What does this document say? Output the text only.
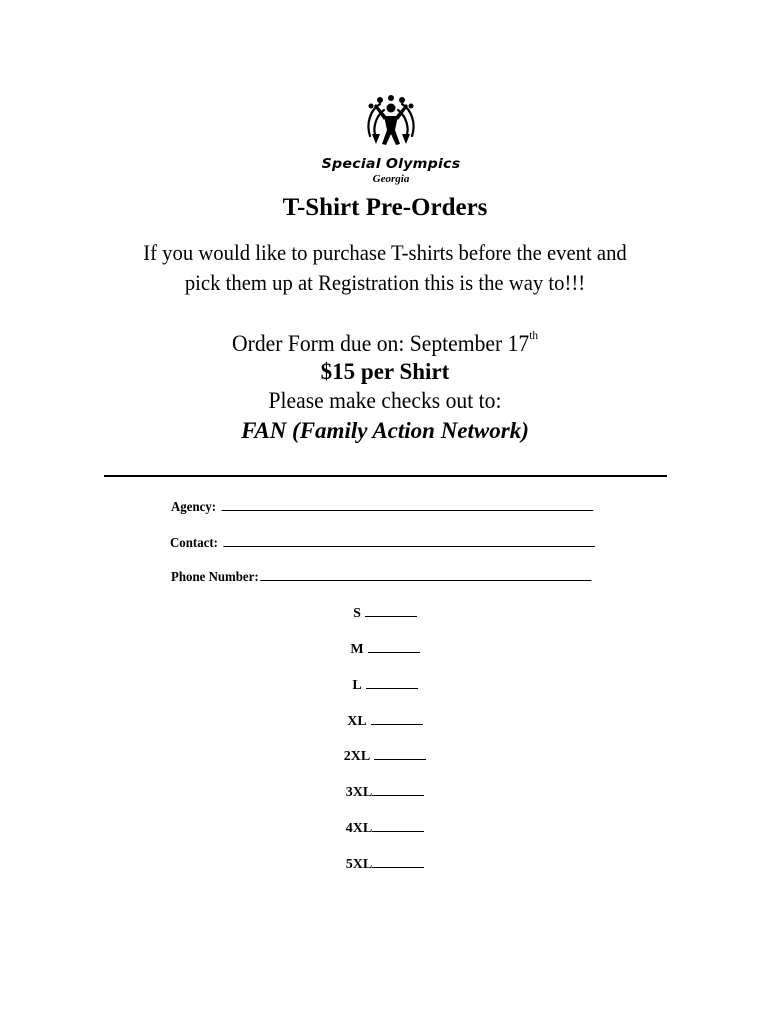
Special Olympics
Georgia
T-Shirt Pre-Orders
If you would like to purchase T-shirts before the event and
pick them up at Registration this is the way to!!!
Order Form due on: September 17th
$15 per Shirt
Please make checks out to:
FAN (Family Action Network)
Agency:
Contact:
Phone Number:
S
M
L
XL
2XL
3XL
4XL
5XL
